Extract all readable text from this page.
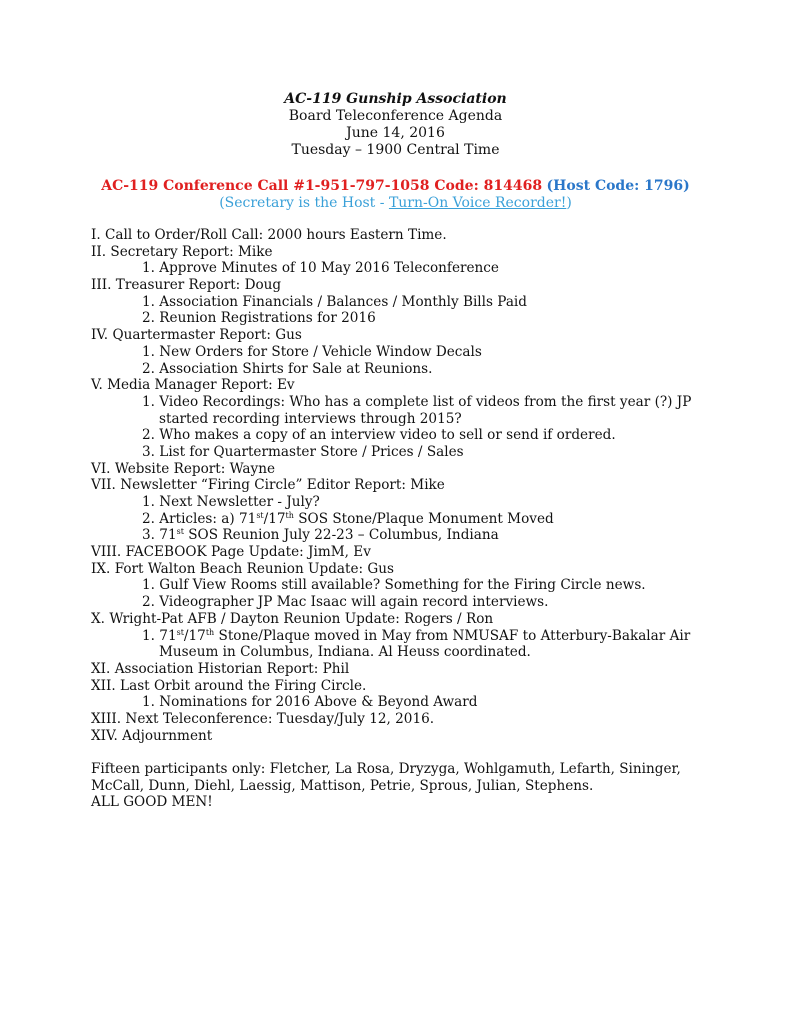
AC-119 Gunship Association
Board Teleconference Agenda
June 14, 2016
Tuesday – 1900 Central Time
AC-119 Conference Call #1-951-797-1058 Code: 814468 (Host Code: 1796)
(Secretary is the Host - Turn-On Voice Recorder!)
I. Call to Order/Roll Call: 2000 hours Eastern Time.
II. Secretary Report: Mike
1. Approve Minutes of 10 May 2016 Teleconference
III. Treasurer Report: Doug
1. Association Financials / Balances / Monthly Bills Paid
2. Reunion Registrations for 2016
IV. Quartermaster Report: Gus
1. New Orders for Store / Vehicle Window Decals
2. Association Shirts for Sale at Reunions.
V. Media Manager Report: Ev
1. Video Recordings: Who has a complete list of videos from the first year (?) JP
started recording interviews through 2015?
2. Who makes a copy of an interview video to sell or send if ordered.
3. List for Quartermaster Store / Prices / Sales
VI. Website Report: Wayne
VII. Newsletter “Firing Circle” Editor Report: Mike
1. Next Newsletter - July?
2. Articles: a) 71st/17th SOS Stone/Plaque Monument Moved
3. 71st SOS Reunion July 22-23 – Columbus, Indiana
VIII. FACEBOOK Page Update: JimM, Ev
IX. Fort Walton Beach Reunion Update: Gus
1. Gulf View Rooms still available? Something for the Firing Circle news.
2. Videographer JP Mac Isaac will again record interviews.
X. Wright-Pat AFB / Dayton Reunion Update: Rogers / Ron
1. 71st/17th Stone/Plaque moved in May from NMUSAF to Atterbury-Bakalar Air
Museum in Columbus, Indiana. Al Heuss coordinated.
XI. Association Historian Report: Phil
XII. Last Orbit around the Firing Circle.
1. Nominations for 2016 Above & Beyond Award
XIII. Next Teleconference: Tuesday/July 12, 2016.
XIV. Adjournment
Fifteen participants only: Fletcher, La Rosa, Dryzyga, Wohlgamuth, Lefarth, Sininger,
McCall, Dunn, Diehl, Laessig, Mattison, Petrie, Sprous, Julian, Stephens.
ALL GOOD MEN!
